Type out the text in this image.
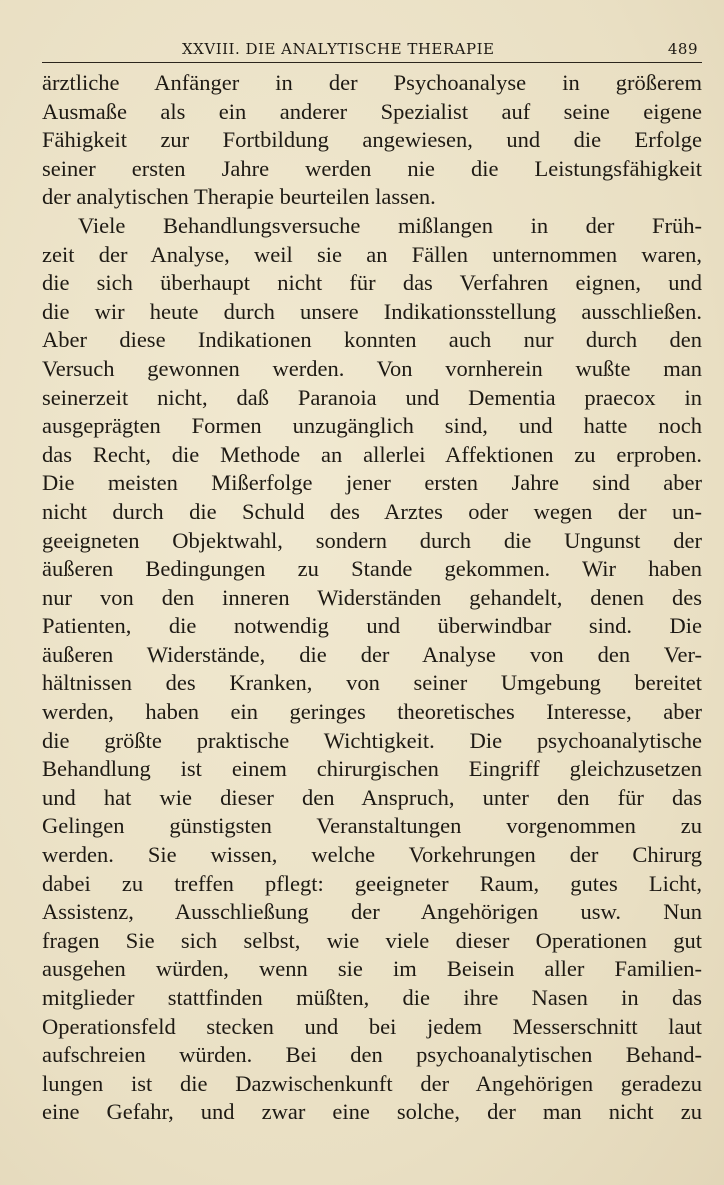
XXVIII. DIE ANALYTISCHE THERAPIE	489
ärztliche Anfänger in der Psychoanalyse in größerem
Ausmaße als ein anderer Spezialist auf seine eigene
Fähigkeit zur Fortbildung angewiesen, und die Erfolge
seiner ersten Jahre werden nie die Leistungsfähigkeit
der analytischen Therapie beurteilen lassen.
Viele Behandlungsversuche mißlangen in der Früh-
zeit der Analyse, weil sie an Fällen unternommen waren,
die sich überhaupt nicht für das Verfahren eignen, und
die wir heute durch unsere Indikationsstellung ausschließen.
Aber diese Indikationen konnten auch nur durch den
Versuch gewonnen werden. Von vornherein wußte man
seinerzeit nicht, daß Paranoia und Dementia praecox in
ausgeprägten Formen unzugänglich sind, und hatte noch
das Recht, die Methode an allerlei Affektionen zu erproben.
Die meisten Mißerfolge jener ersten Jahre sind aber
nicht durch die Schuld des Arztes oder wegen der un-
geeigneten Objektwahl, sondern durch die Ungunst der
äußeren Bedingungen zu Stande gekommen. Wir haben
nur von den inneren Widerständen gehandelt, denen des
Patienten, die notwendig und überwindbar sind. Die
äußeren Widerstände, die der Analyse von den Ver-
hältnissen des Kranken, von seiner Umgebung bereitet
werden, haben ein geringes theoretisches Interesse, aber
die größte praktische Wichtigkeit. Die psychoanalytische
Behandlung ist einem chirurgischen Eingriff gleichzusetzen
und hat wie dieser den Anspruch, unter den für das
Gelingen günstigsten Veranstaltungen vorgenommen zu
werden. Sie wissen, welche Vorkehrungen der Chirurg
dabei zu treffen pflegt: geeigneter Raum, gutes Licht,
Assistenz, Ausschließung der Angehörigen usw. Nun
fragen Sie sich selbst, wie viele dieser Operationen gut
ausgehen würden, wenn sie im Beisein aller Familien-
mitglieder stattfinden müßten, die ihre Nasen in das
Operationsfeld stecken und bei jedem Messerschnitt laut
aufschreien würden. Bei den psychoanalytischen Behand-
lungen ist die Dazwischenkunft der Angehörigen geradezu
eine Gefahr, und zwar eine solche, der man nicht zu
